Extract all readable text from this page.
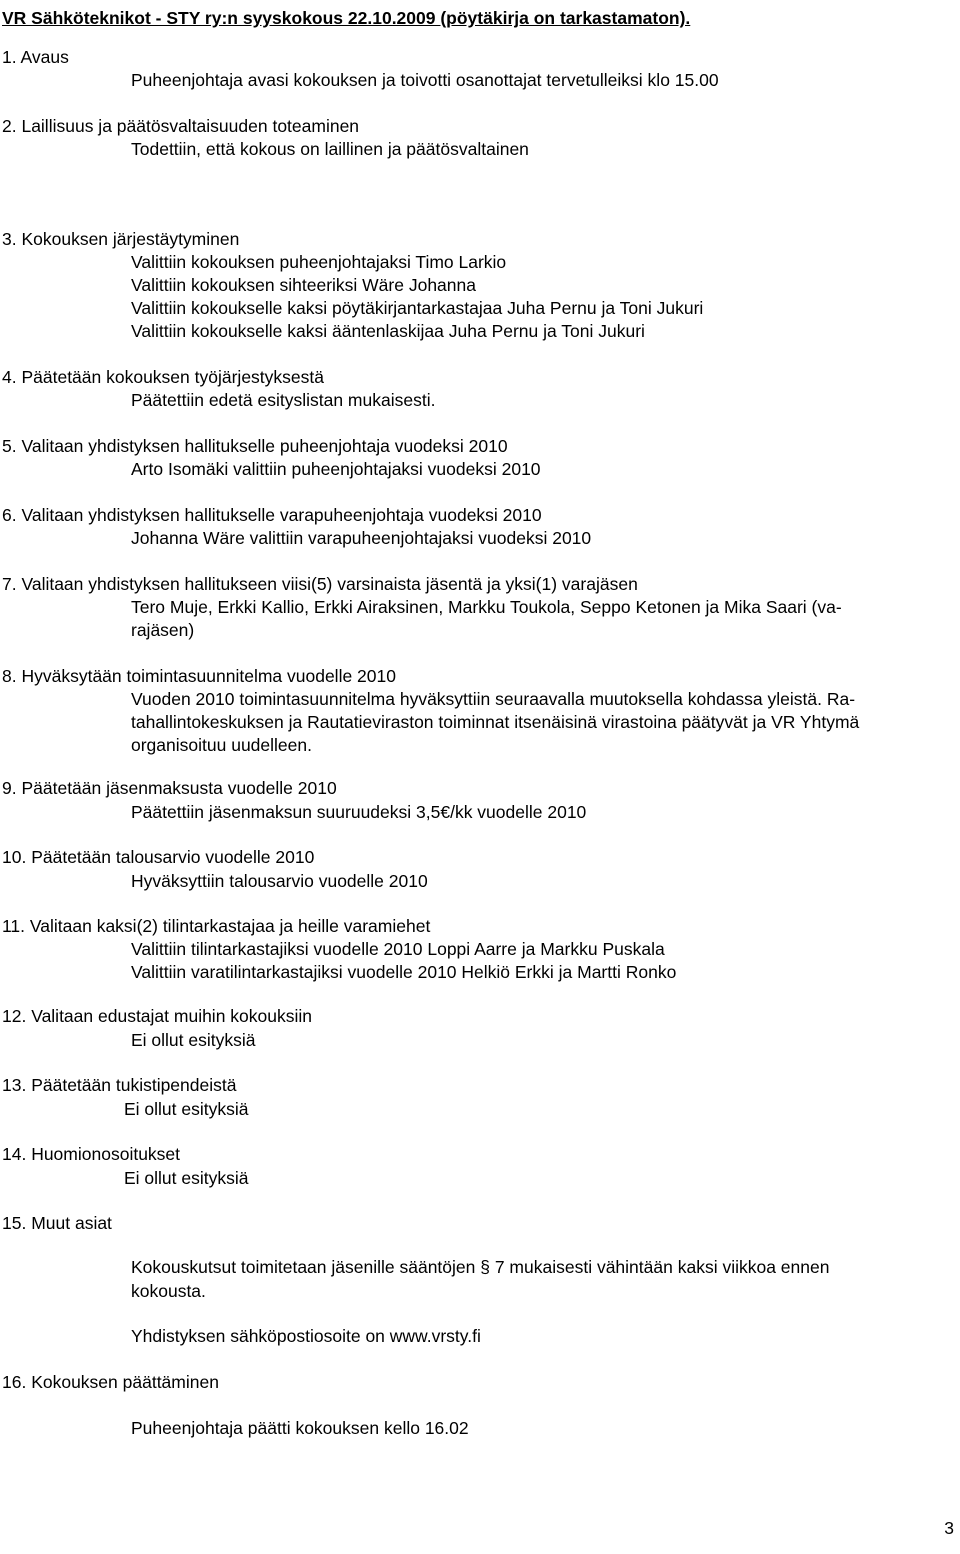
VR Sähköteknikot - STY ry:n syyskokous 22.10.2009 (pöytäkirja on tarkastamaton).
1. Avaus
Puheenjohtaja avasi kokouksen ja toivotti osanottajat tervetulleiksi klo 15.00
2. Laillisuus ja päätösvaltaisuuden toteaminen
Todettiin, että kokous on laillinen ja päätösvaltainen
3. Kokouksen järjestäytyminen
Valittiin kokouksen puheenjohtajaksi Timo Larkio
Valittiin kokouksen sihteeriksi Wäre Johanna
Valittiin kokoukselle kaksi pöytäkirjantarkastajaa Juha Pernu ja Toni Jukuri
Valittiin kokoukselle kaksi ääntenlaskijaa Juha Pernu ja Toni Jukuri
4. Päätetään kokouksen työjärjestyksestä
Päätettiin edetä esityslistan mukaisesti.
5. Valitaan yhdistyksen hallitukselle puheenjohtaja vuodeksi 2010
Arto Isomäki valittiin puheenjohtajaksi vuodeksi 2010
6. Valitaan yhdistyksen hallitukselle varapuheenjohtaja vuodeksi 2010
Johanna Wäre valittiin varapuheenjohtajaksi vuodeksi 2010
7. Valitaan yhdistyksen hallitukseen viisi(5) varsinaista jäsentä ja yksi(1) varajäsen
Tero Muje, Erkki Kallio, Erkki Airaksinen, Markku Toukola, Seppo Ketonen ja Mika Saari (va-
rajäsen)
8. Hyväksytään toimintasuunnitelma vuodelle 2010
Vuoden 2010 toimintasuunnitelma hyväksyttiin seuraavalla muutoksella kohdassa yleistä. Ra-
tahallintokeskuksen ja Rautatieviraston toiminnat itsenäisinä virastoina päätyvät ja VR Yhtymä
organisoituu uudelleen.
9. Päätetään jäsenmaksusta vuodelle 2010
Päätettiin jäsenmaksun suuruudeksi 3,5€/kk vuodelle 2010
10. Päätetään talousarvio vuodelle 2010
Hyväksyttiin talousarvio vuodelle 2010
11. Valitaan kaksi(2) tilintarkastajaa ja heille varamiehet
Valittiin tilintarkastajiksi vuodelle 2010 Loppi Aarre ja Markku Puskala
Valittiin varatilintarkastajiksi vuodelle 2010 Helkiö Erkki ja Martti Ronko
12. Valitaan edustajat muihin kokouksiin
Ei ollut esityksiä
13. Päätetään tukistipendeistä
Ei ollut esityksiä
14. Huomionosoitukset
Ei ollut esityksiä
15. Muut asiat
Kokouskutsut toimitetaan jäsenille sääntöjen § 7 mukaisesti vähintään kaksi viikkoa ennen
kokousta.
Yhdistyksen sähköpostiosoite on www.vrsty.fi
16. Kokouksen päättäminen
Puheenjohtaja päätti kokouksen kello 16.02
3
